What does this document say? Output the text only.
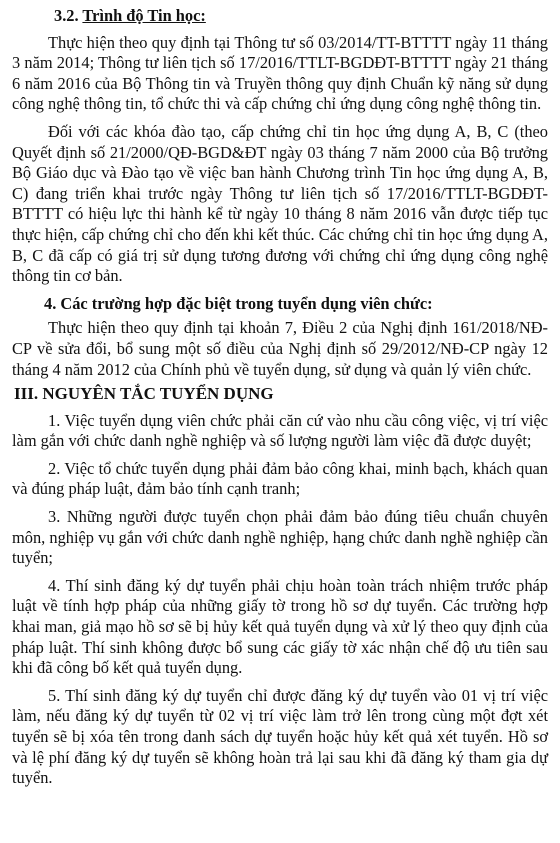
3.2. Trình độ Tin học:

Thực hiện theo quy định tại Thông tư số 03/2014/TT-BTTTT ngày 11 tháng 3 năm 2014; Thông tư liên tịch số 17/2016/TTLT-BGDĐT-BTTTT ngày 21 tháng 6 năm 2016 của Bộ Thông tin và Truyền thông quy định Chuẩn kỹ năng sử dụng công nghệ thông tin, tổ chức thi và cấp chứng chỉ ứng dụng công nghệ thông tin.

Đối với các khóa đào tạo, cấp chứng chỉ tin học ứng dụng A, B, C (theo Quyết định số 21/2000/QĐ-BGD&ĐT ngày 03 tháng 7 năm 2000 của Bộ trưởng Bộ Giáo dục và Đào tạo về việc ban hành Chương trình Tin học ứng dụng A, B, C) đang triển khai trước ngày Thông tư liên tịch số 17/2016/TTLT-BGDĐT-BTTTT có hiệu lực thi hành kể từ ngày 10 tháng 8 năm 2016 vẫn được tiếp tục thực hiện, cấp chứng chỉ cho đến khi kết thúc. Các chứng chỉ tin học ứng dụng A, B, C đã cấp có giá trị sử dụng tương đương với chứng chỉ ứng dụng công nghệ thông tin cơ bản.

4. Các trường hợp đặc biệt trong tuyển dụng viên chức:

Thực hiện theo quy định tại khoản 7, Điều 2 của Nghị định 161/2018/NĐ-CP về sửa đổi, bổ sung một số điều của Nghị định số 29/2012/NĐ-CP ngày 12 tháng 4 năm 2012 của Chính phủ về tuyển dụng, sử dụng và quản lý viên chức.

III. NGUYÊN TẮC TUYỂN DỤNG

1. Việc tuyển dụng viên chức phải căn cứ vào nhu cầu công việc, vị trí việc làm gắn với chức danh nghề nghiệp và số lượng người làm việc đã được duyệt;

2. Việc tổ chức tuyển dụng phải đảm bảo công khai, minh bạch, khách quan và đúng pháp luật, đảm bảo tính cạnh tranh;

3. Những người được tuyển chọn phải đảm bảo đúng tiêu chuẩn chuyên môn, nghiệp vụ gắn với chức danh nghề nghiệp, hạng chức danh nghề nghiệp cần tuyển;

4. Thí sinh đăng ký dự tuyển phải chịu hoàn toàn trách nhiệm trước pháp luật về tính hợp pháp của những giấy tờ trong hồ sơ dự tuyển. Các trường hợp khai man, giả mạo hồ sơ sẽ bị hủy kết quả tuyển dụng và xử lý theo quy định của pháp luật. Thí sinh không được bổ sung các giấy tờ xác nhận chế độ ưu tiên sau khi đã công bố kết quả tuyển dụng.

5. Thí sinh đăng ký dự tuyển chỉ được đăng ký dự tuyển vào 01 vị trí việc làm, nếu đăng ký dự tuyển từ 02 vị trí việc làm trở lên trong cùng một đợt xét tuyển sẽ bị xóa tên trong danh sách dự tuyển hoặc hủy kết quả xét tuyển. Hồ sơ và lệ phí đăng ký dự tuyển sẽ không hoàn trả lại sau khi đã đăng ký tham gia dự tuyển.
